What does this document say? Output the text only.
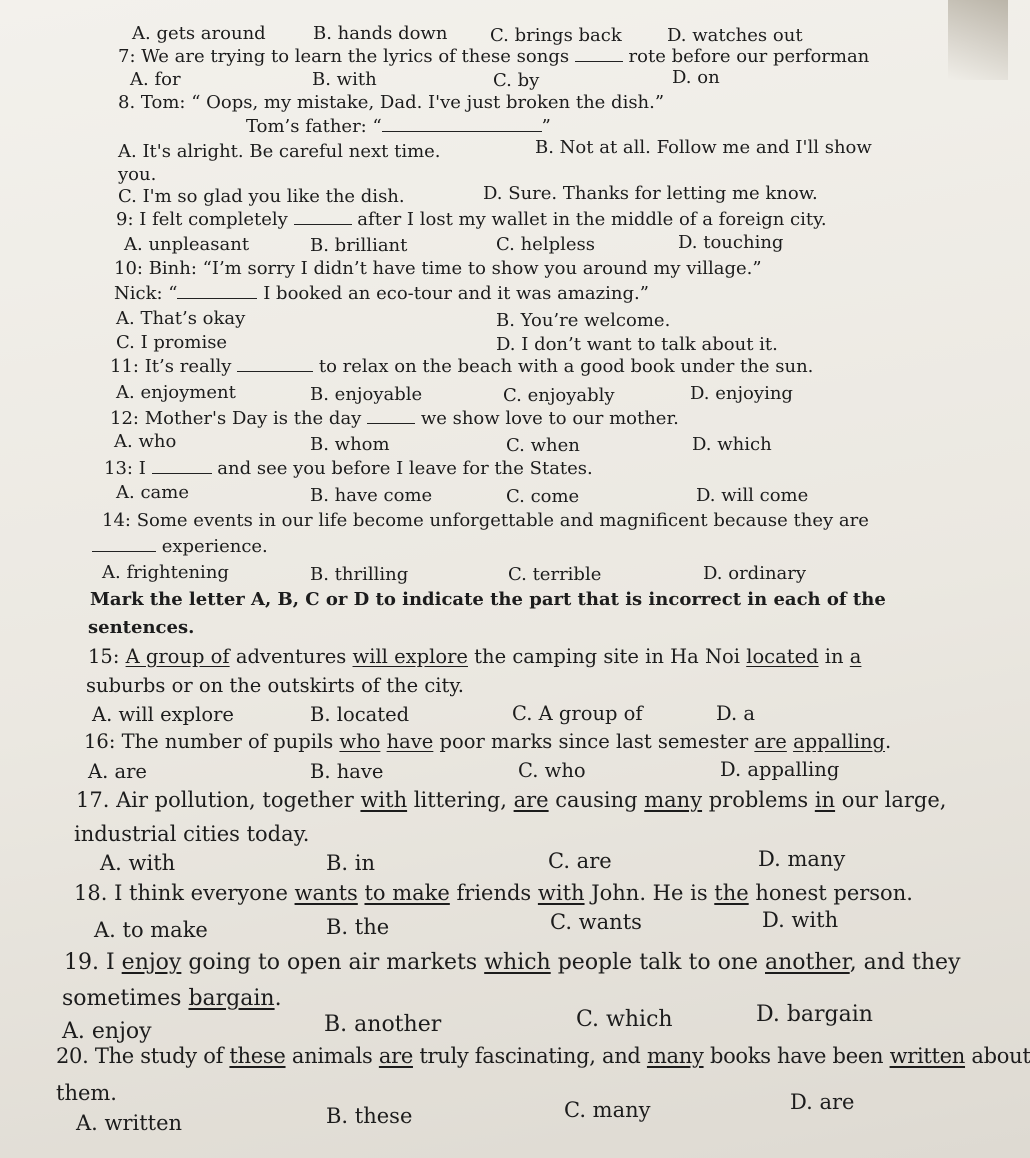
A. gets around	B. hands down C. brings back	D. watches out
7: We are trying to learn the lyrics of these songs	rote before our performan
A. for	B. with	C. by	D. on
8. Tom: “ Oops, my mistake, Dad. I've just broken the dish.”
Tom’s father: “	”
A. It's alright. Be careful next time.	B. Not at all. Follow me and I'll show
you.
C. I'm so glad you like the dish.	D. Sure. Thanks for letting me know.
9: I felt completely	after I lost my wallet in the middle of a foreign city.
A. unpleasant	B. brilliant	C. helpless	D. touching
10: Binh: “I’m sorry I didn’t have time to show you around my village.”
Nick: “	I booked an eco-tour and it was amazing.”
A. That’s okay	B. You’re welcome.
C. I promise	D. I don’t want to talk about it.
11: It’s really	to relax on the beach with a good book under the sun.
A. enjoyment	B. enjoyable	C. enjoyably	D. enjoying
12: Mother's Day is the day	we show love to our mother.
A. who	B. whom	C. when	D. which
13: I	and see you before I leave for the States.
A. came	B. have come	C. come	D. will come
14: Some events in our life become unforgettable and magnificent because they are
experience.
A. frightening	B. thrilling	C. terrible	D. ordinary
Mark the letter A, B, C or D to indicate the part that is incorrect in each of the
sentences.
15: A group of adventures will explore the camping site in Ha Noi located in a
suburbs or on the outskirts of the city.
A. will explore	B. located	C. A group of	D. a
16: The number of pupils who have poor marks since last semester are appalling.
A. are	B. have	C. who	D. appalling
17. Air pollution, together with littering, are causing many problems in our large,
industrial cities today.
A. with	B. in	C. are	D. many
18. I think everyone wants to make friends with John. He is the honest person.
A. to make	B. the	C. wants	D. with
19. I enjoy going to open air markets which people talk to one another, and they
sometimes bargain.
A. enjoy	B. another	C. which	D. bargain
20. The study of these animals are truly fascinating, and many books have been written about
them.
A. written	B. these	C. many	D. are
